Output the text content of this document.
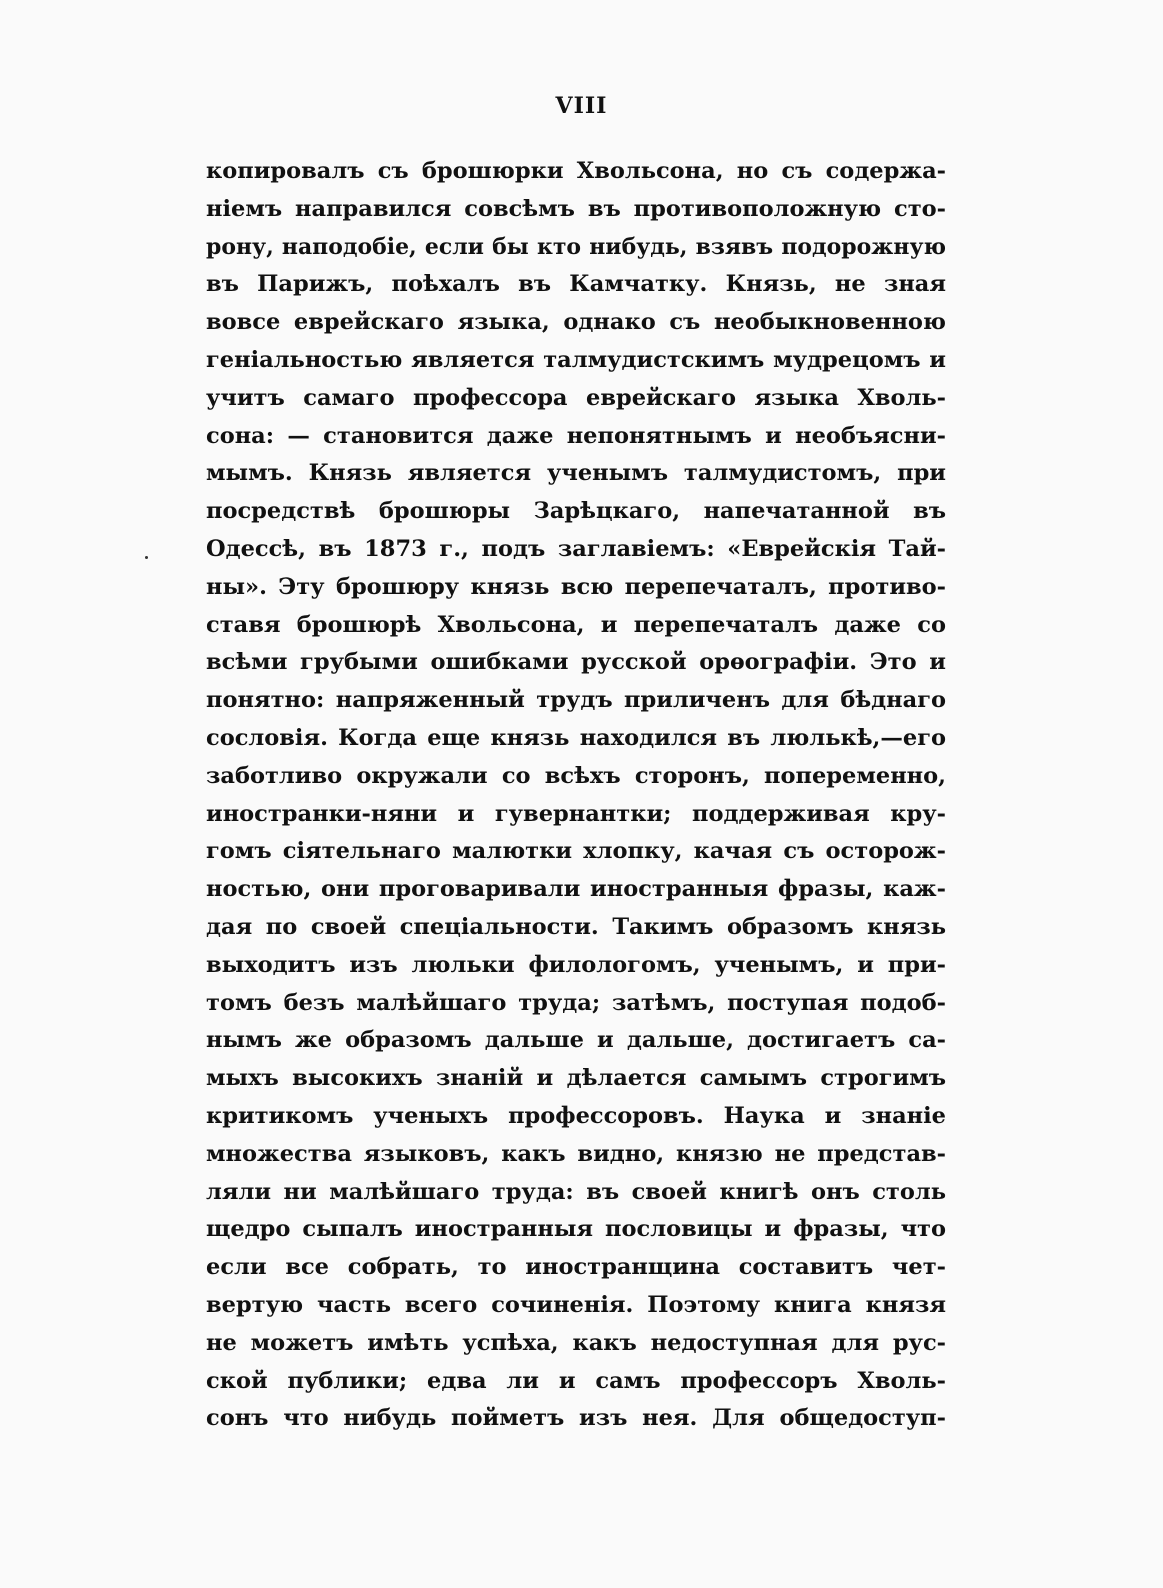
VIII
копировалъ съ брошюрки Хвольсона, но съ содержа-
ніемъ направился совсѣмъ въ противоположную сто-
рону, наподобіе, если бы кто нибудь, взявъ подорожную
въ Парижъ, поѣхалъ въ Камчатку. Князь, не зная
вовсе еврейскаго языка, однако съ необыкновенною
геніальностью является талмудистскимъ мудрецомъ и
учитъ самаго профессора еврейскаго языка Хволь-
сона: — становится даже непонятнымъ и необъясни-
мымъ. Князь является ученымъ талмудистомъ, при
посредствѣ брошюры Зарѣцкаго, напечатанной въ
Одессѣ, въ 1873 г., подъ заглавіемъ: «Еврейскія Тай-
ны». Эту брошюру князь всю перепечаталъ, противо-
ставя брошюрѣ Хвольсона, и перепечаталъ даже со
всѣми грубыми ошибками русской орѳографіи. Это и
понятно: напряженный трудъ приличенъ для бѣднаго
сословія. Когда еще князь находился въ люлькѣ,—его
заботливо окружали со всѣхъ сторонъ, попеременно,
иностранки-няни и гувернантки; поддерживая кру-
гомъ сіятельнаго малютки хлопку, качая съ осторож-
ностью, они проговаривали иностранныя фразы, каж-
дая по своей спеціальности. Такимъ образомъ князь
выходитъ изъ люльки филологомъ, ученымъ, и при-
томъ безъ малѣйшаго труда; затѣмъ, поступая подоб-
нымъ же образомъ дальше и дальше, достигаетъ са-
мыхъ высокихъ знаній и дѣлается самымъ строгимъ
критикомъ ученыхъ профессоровъ. Наука и знаніе
множества языковъ, какъ видно, князю не представ-
ляли ни малѣйшаго труда: въ своей книгѣ онъ столь
щедро сыпалъ иностранныя пословицы и фразы, что
если все собрать, то иностранщина составитъ чет-
вертую часть всего сочиненія. Поэтому книга князя
не можетъ имѣть успѣха, какъ недоступная для рус-
ской публики; едва ли и самъ профессоръ Хволь-
сонъ что нибудь пойметъ изъ нея. Для общедоступ-
